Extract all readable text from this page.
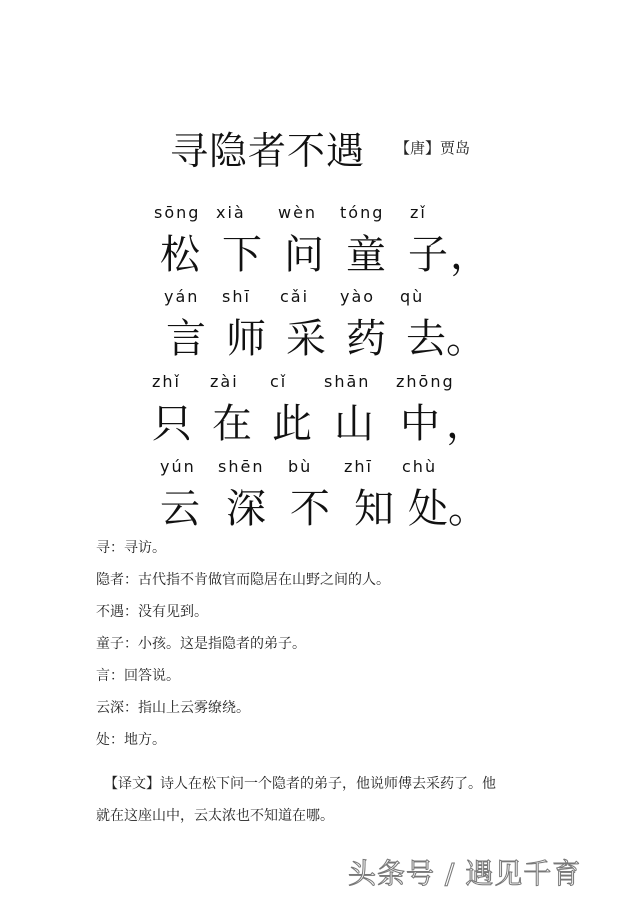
寻隐者不遇 【唐】贾岛
sōng xià wèn tóng zǐ
松 下 问 童 子 ，
yán shī cǎi yào qù
言 师 采 药 去 。
zhǐ zài cǐ shān zhōng
只 在 此 山 中 ，
yún shēn bù zhī chù
云 深 不 知 处 。
寻：寻访。
隐者：古代指不肯做官而隐居在山野之间的人。
不遇：没有见到。
童子：小孩。这是指隐者的弟子。
言：回答说。
云深：指山上云雾缭绕。
处：地方。
【译文】诗人在松下问一个隐者的弟子，他说师傅去采药了。他
就在这座山中，云太浓也不知道在哪。
头条号 / 遇见千育
